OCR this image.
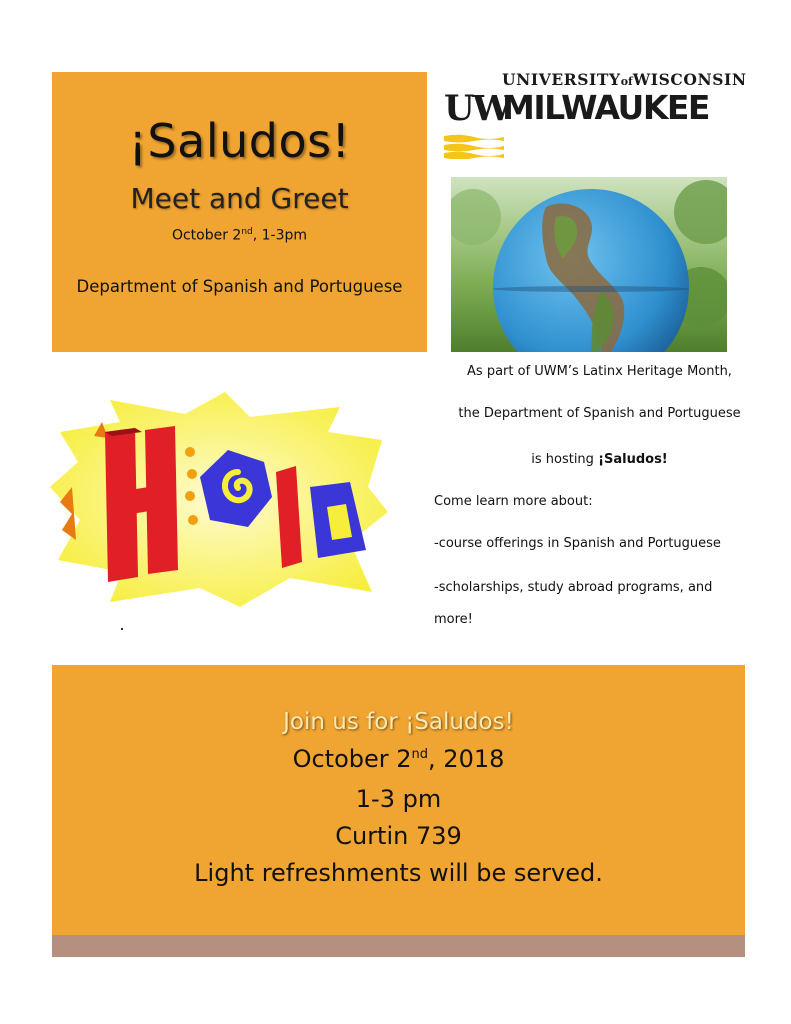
¡Saludos!
Meet and Greet
October 2nd, 1-3pm
Department of Spanish and Portuguese
UNIVERSITYofWISCONSIN
UW
MILWAUKEE
As part of UWM’s Latinx Heritage Month,
the Department of Spanish and Portuguese
is hosting ¡Saludos!
Come learn more about:
-course offerings in Spanish and Portuguese
-scholarships, study abroad programs, and
more!
Join us for ¡Saludos!
October 2nd, 2018
1-3 pm
Curtin 739
Light refreshments will be served.
